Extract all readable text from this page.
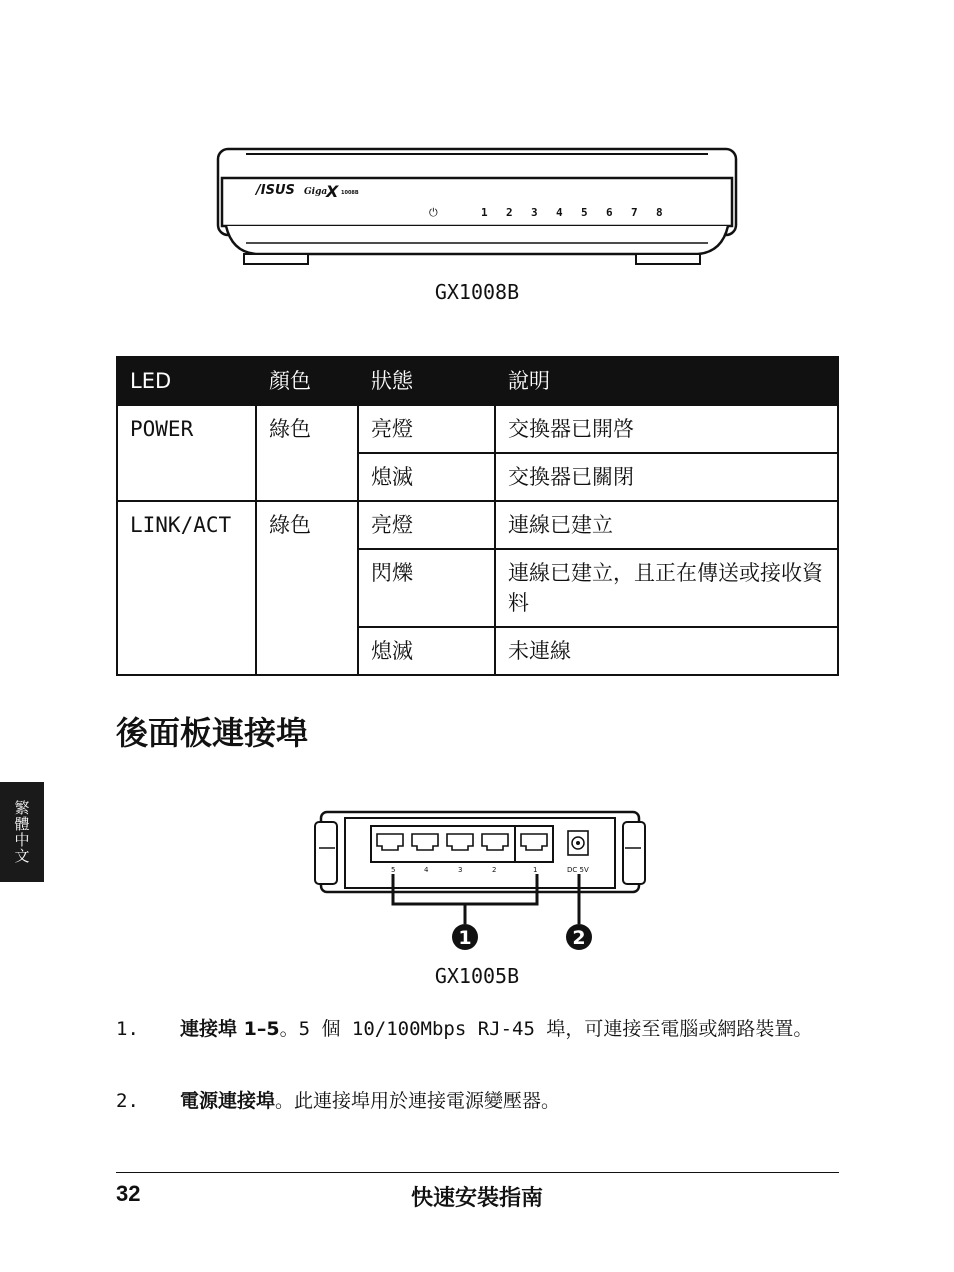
/ISUS Giga
X 1008B
⏻	1 2 3 4 5 6 7 8
GX1008B
LED	顏色	狀態	說明
POWER	綠色	亮燈	交換器已開啓
		熄滅	交換器已關閉
LINK/ACT	綠色	亮燈	連線已建立
		閃爍	連線已建立，且正在傳送或接收資料
		熄滅	未連線
後面板連接埠
繁體中文
5	4	3	2	1	DC 5V
1	2
GX1005B
1. 連接埠 1–5。5 個 10/100Mbps RJ-45 埠，可連接至電腦或網路裝置。
2. 電源連接埠。此連接埠用於連接電源變壓器。
32	快速安裝指南
